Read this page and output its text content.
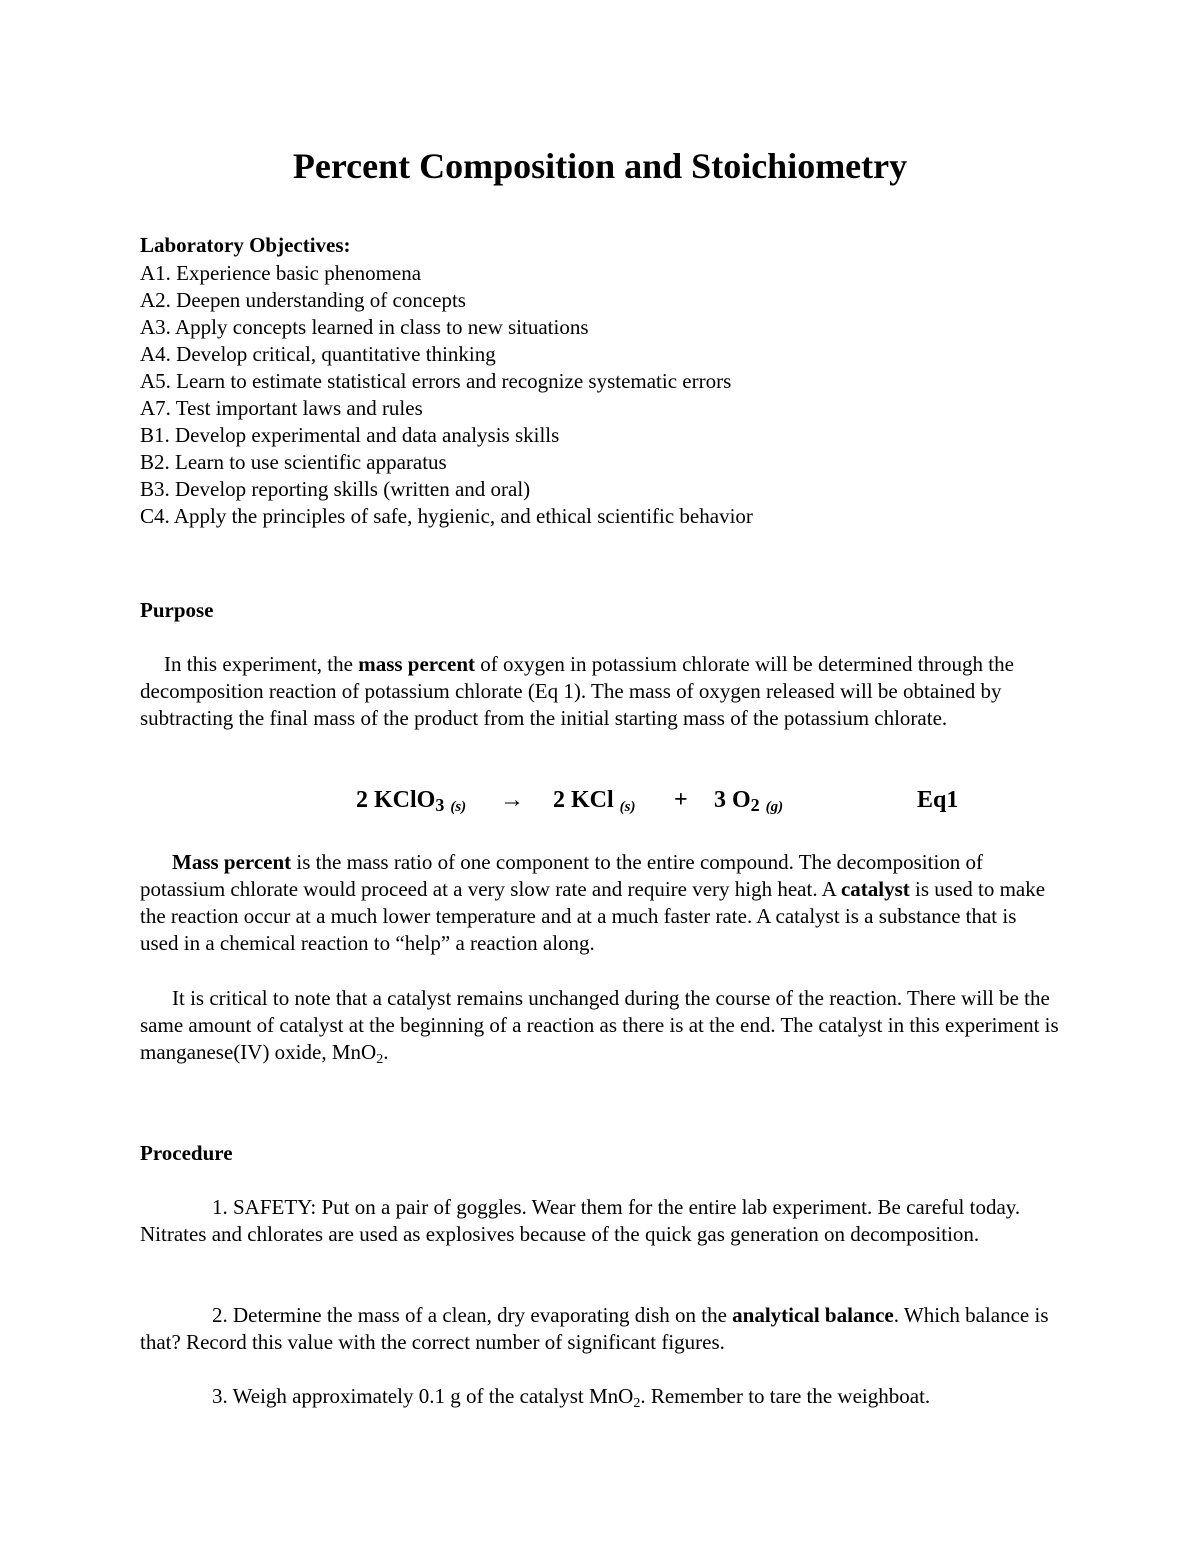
Percent Composition and Stoichiometry
Laboratory Objectives:
A1. Experience basic phenomena
A2. Deepen understanding of concepts
A3. Apply concepts learned in class to new situations
A4. Develop critical, quantitative thinking
A5. Learn to estimate statistical errors and recognize systematic errors
A7. Test important laws and rules
B1. Develop experimental and data analysis skills
B2. Learn to use scientific apparatus
B3. Develop reporting skills (written and oral)
C4. Apply the principles of safe, hygienic, and ethical scientific behavior
Purpose

In this experiment, the mass percent of oxygen in potassium chlorate will be determined through the decomposition reaction of potassium chlorate (Eq 1). The mass of oxygen released will be obtained by subtracting the final mass of the product from the initial starting mass of the potassium chlorate.

2 KClO3 (s) → 2 KCl (s) + 3 O2 (g)	Eq1

Mass percent is the mass ratio of one component to the entire compound. The decomposition of potassium chlorate would proceed at a very slow rate and require very high heat. A catalyst is used to make the reaction occur at a much lower temperature and at a much faster rate. A catalyst is a substance that is used in a chemical reaction to “help” a reaction along.

It is critical to note that a catalyst remains unchanged during the course of the reaction. There will be the same amount of catalyst at the beginning of a reaction as there is at the end. The catalyst in this experiment is manganese(IV) oxide, MnO$_2$.

Procedure

1. SAFETY: Put on a pair of goggles. Wear them for the entire lab experiment. Be careful today. Nitrates and chlorates are used as explosives because of the quick gas generation on decomposition.

2. Determine the mass of a clean, dry evaporating dish on the analytical balance. Which balance is that? Record this value with the correct number of significant figures.

3. Weigh approximately 0.1 g of the catalyst MnO$_2$. Remember to tare the weighboat.
